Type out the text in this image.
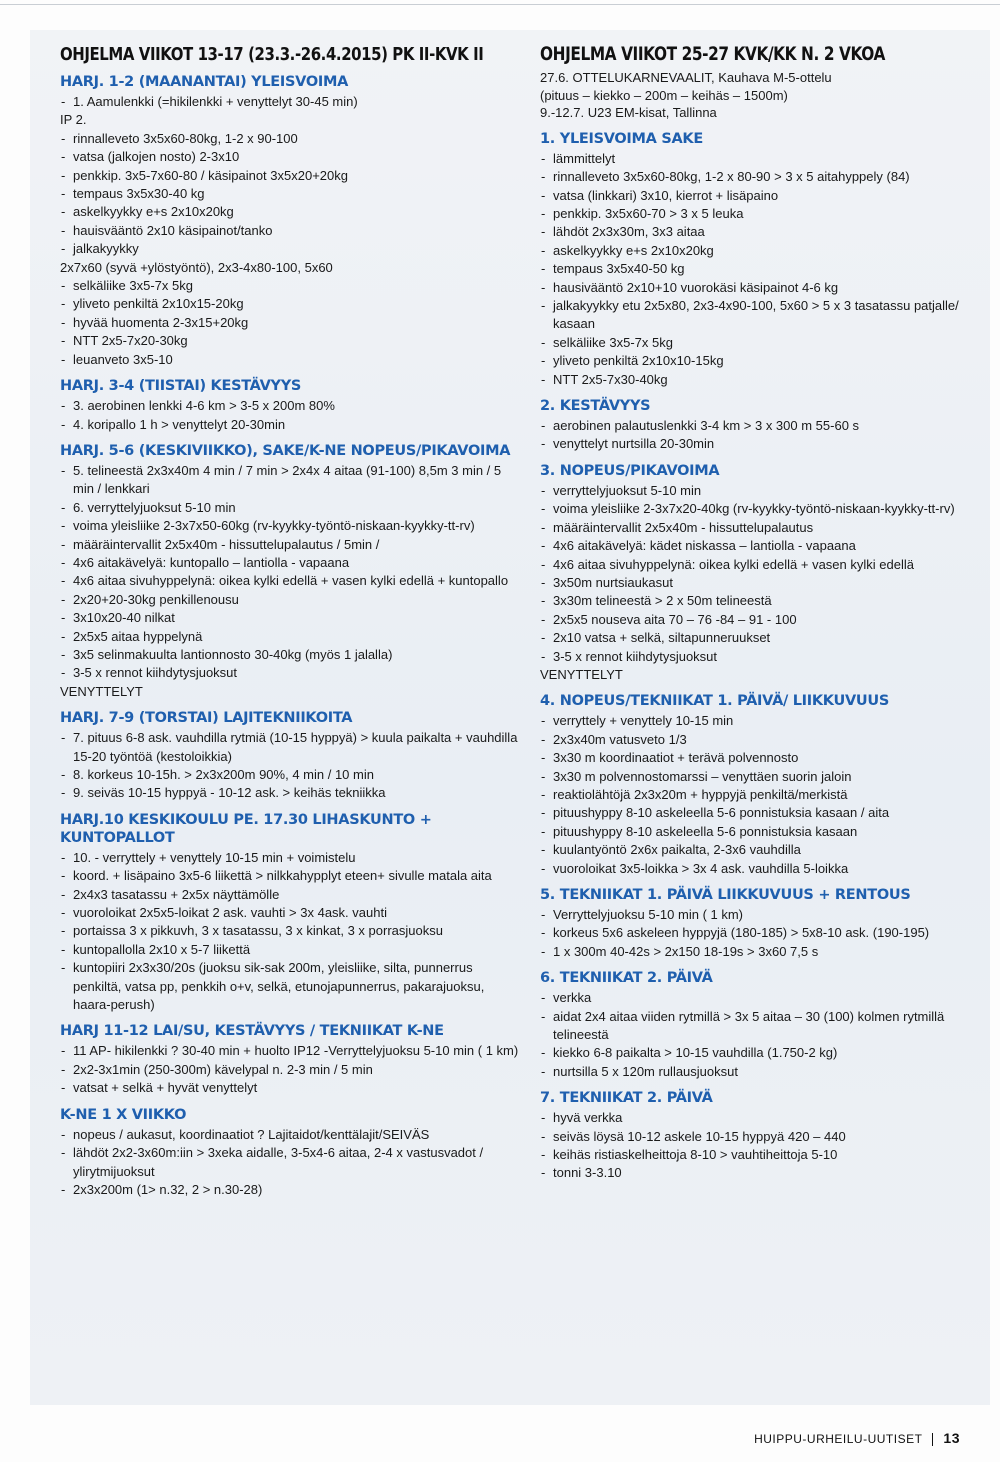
OHJELMA VIIKOT 13-17 (23.3.-26.4.2015) PK II-KVK II
HARJ. 1-2 (MAANANTAI) YLEISVOIMA
- 1. Aamulenkki (=hikilenkki + venyttelyt 30-45 min)
IP 2.
- rinnalleveto 3x5x60-80kg, 1-2 x 90-100
- vatsa (jalkojen nosto) 2-3x10
- penkkip. 3x5-7x60-80 / käsipainot 3x5x20+20kg
- tempaus 3x5x30-40 kg
- askelkyykky e+s 2x10x20kg
- hauisvääntö 2x10 käsipainot/tanko
- jalkakyykky
2x7x60 (syvä +ylöstyöntö), 2x3-4x80-100, 5x60
- selkäliike 3x5-7x 5kg
- yliveto penkiltä 2x10x15-20kg
- hyvää huomenta 2-3x15+20kg
- NTT 2x5-7x20-30kg
- leuanveto 3x5-10
HARJ. 3-4 (TIISTAI) KESTÄVYYS
- 3. aerobinen lenkki 4-6 km > 3-5 x 200m 80%
- 4. koripallo 1 h > venyttelyt 20-30min
HARJ. 5-6 (KESKIVIIKKO), SAKE/K-NE NOPEUS/PIKAVOIMA
- 5. telineestä 2x3x40m 4 min / 7 min > 2x4x 4 aitaa (91-100) 8,5m 3 min / 5 min / lenkkari
- 6. verryttelyjuoksut 5-10 min
- voima yleisliike 2-3x7x50-60kg (rv-kyykky-työntö-niskaan-kyykky-tt-rv)
- määräintervallit 2x5x40m - hissuttelupalautus / 5min /
- 4x6 aitakävelyä: kuntopallo – lantiolla - vapaana
- 4x6 aitaa sivuhyppelynä: oikea kylki edellä + vasen kylki edellä + kuntopallo
- 2x20+20-30kg penkillenousu
- 3x10x20-40 nilkat
- 2x5x5 aitaa hyppelynä
- 3x5 selinmakuulta lantionnosto 30-40kg (myös 1 jalalla)
- 3-5 x rennot kiihdytysjuoksut
VENYTTELYT
HARJ. 7-9 (TORSTAI) LAJITEKNIIKOITA
- 7. pituus 6-8 ask. vauhdilla rytmiä (10-15 hyppyä) > kuula paikalta + vauhdilla 15-20 työntöä (kestoloikkia)
- 8. korkeus 10-15h. > 2x3x200m 90%, 4 min / 10 min
- 9. seiväs 10-15 hyppyä - 10-12 ask. > keihäs tekniikka
HARJ.10 KESKIKOULU PE. 17.30 LIHASKUNTO + KUNTOPALLOT
- 10. - verryttely + venyttely 10-15 min + voimistelu
- koord. + lisäpaino 3x5-6 liikettä > nilkkahypplyt eteen+ sivulle matala aita
- 2x4x3 tasatassu + 2x5x näyttämölle
- vuoroloikat 2x5x5-loikat 2 ask. vauhti > 3x 4ask. vauhti
- portaissa 3 x pikkuvh, 3 x tasatassu, 3 x kinkat, 3 x porrasjuoksu
- kuntopallolla 2x10 x 5-7 liikettä
- kuntopiiri 2x3x30/20s (juoksu sik-sak 200m, yleisliike, silta, punnerrus penkiltä, vatsa pp, penkkih o+v, selkä, etunojapunnerrus, pakarajuoksu, haara-perush)
HARJ 11-12 LAI/SU, KESTÄVYYS / TEKNIIKAT K-NE
- 11 AP- hikilenkki ? 30-40 min + huolto IP12 -Verryttelyjuoksu 5-10 min ( 1 km)
- 2x2-3x1min (250-300m) kävelypal n. 2-3 min / 5 min
- vatsat + selkä + hyvät venyttelyt
K-NE 1 X VIIKKO
- nopeus / aukasut, koordinaatiot ? Lajitaidot/kenttälajit/SEIVÄS
- lähdöt 2x2-3x60m:iin > 3xeka aidalle, 3-5x4-6 aitaa, 2-4 x vastusvadot / ylirytmijuoksut
- 2x3x200m (1> n.32, 2 > n.30-28)
OHJELMA VIIKOT 25-27 KVK/KK N. 2 VKOA

27.6. OTTELUKARNEVAALIT, Kauhava M-5-ottelu

(pituus – kiekko – 200m – keihäs – 1500m)

9.-12.7. U23 EM-kisat, Tallinna

1. YLEISVOIMA SAKE
- lämmittelyt
- rinnalleveto 3x5x60-80kg, 1-2 x 80-90 > 3 x 5 aitahyppely (84)
- vatsa (linkkari) 3x10, kierrot + lisäpaino
- penkkip. 3x5x60-70 > 3 x 5 leuka
- lähdöt 2x3x30m, 3x3 aitaa
- askelkyykky e+s 2x10x20kg
- tempaus 3x5x40-50 kg
- hausivääntö 2x10+10 vuorokäsi käsipainot 4-6 kg
- jalkakyykky etu 2x5x80, 2x3-4x90-100, 5x60 > 5 x 3 tasatassu patjalle/ kasaan
- selkäliike 3x5-7x 5kg
- yliveto penkiltä 2x10x10-15kg
- NTT 2x5-7x30-40kg
2. KESTÄVYYS
- aerobinen palautuslenkki 3-4 km > 3 x 300 m 55-60 s
- venyttelyt nurtsilla 20-30min
3. NOPEUS/PIKAVOIMA
- verryttelyjuoksut 5-10 min
- voima yleisliike 2-3x7x20-40kg (rv-kyykky-työntö-niskaan-kyykky-tt-rv)
- määräintervallit 2x5x40m - hissuttelupalautus
- 4x6 aitakävelyä: kädet niskassa – lantiolla - vapaana
- 4x6 aitaa sivuhyppelynä: oikea kylki edellä + vasen kylki edellä
- 3x50m nurtsiaukasut
- 3x30m telineestä > 2 x 50m telineestä
- 2x5x5 nouseva aita 70 – 76 -84 – 91 - 100
- 2x10 vatsa + selkä, siltapunneruukset
- 3-5 x rennot kiihdytysjuoksut
VENYTTELYT
4. NOPEUS/TEKNIIKAT 1. PÄIVÄ/ LIIKKUVUUS
- verryttely + venyttely 10-15 min
- 2x3x40m vatusveto 1/3
- 3x30 m koordinaatiot + terävä polvennosto
- 3x30 m polvennostomarssi – venyttäen suorin jaloin
- reaktiolähtöjä 2x3x20m + hyppyjä penkiltä/merkistä
- pituushyppy 8-10 askeleella 5-6 ponnistuksia kasaan / aita
- pituushyppy 8-10 askeleella 5-6 ponnistuksia kasaan
- kuulantyöntö 2x6x paikalta, 2-3x6 vauhdilla
- vuoroloikat 3x5-loikka > 3x 4 ask. vauhdilla 5-loikka
5. TEKNIIKAT 1. PÄIVÄ LIIKKUVUUS + RENTOUS
- Verryttelyjuoksu 5-10 min ( 1 km)
- korkeus 5x6 askeleen hyppyjä (180-185) > 5x8-10 ask. (190-195)
- 1 x 300m 40-42s > 2x150 18-19s > 3x60 7,5 s
6. TEKNIIKAT 2. PÄIVÄ
- verkka
- aidat 2x4 aitaa viiden rytmillä > 3x 5 aitaa – 30 (100) kolmen rytmillä telineestä
- kiekko 6-8 paikalta > 10-15 vauhdilla (1.750-2 kg)
- nurtsilla 5 x 120m rullausjuoksut
7. TEKNIIKAT 2. PÄIVÄ
- hyvä verkka
- seiväs löysä 10-12 askele 10-15 hyppyä 420 – 440
- keihäs ristiaskelheittoja 8-10 > vauhtiheittoja 5-10
- tonni 3-3.10
HUIPPU-URHEILU-UUTISET 13
